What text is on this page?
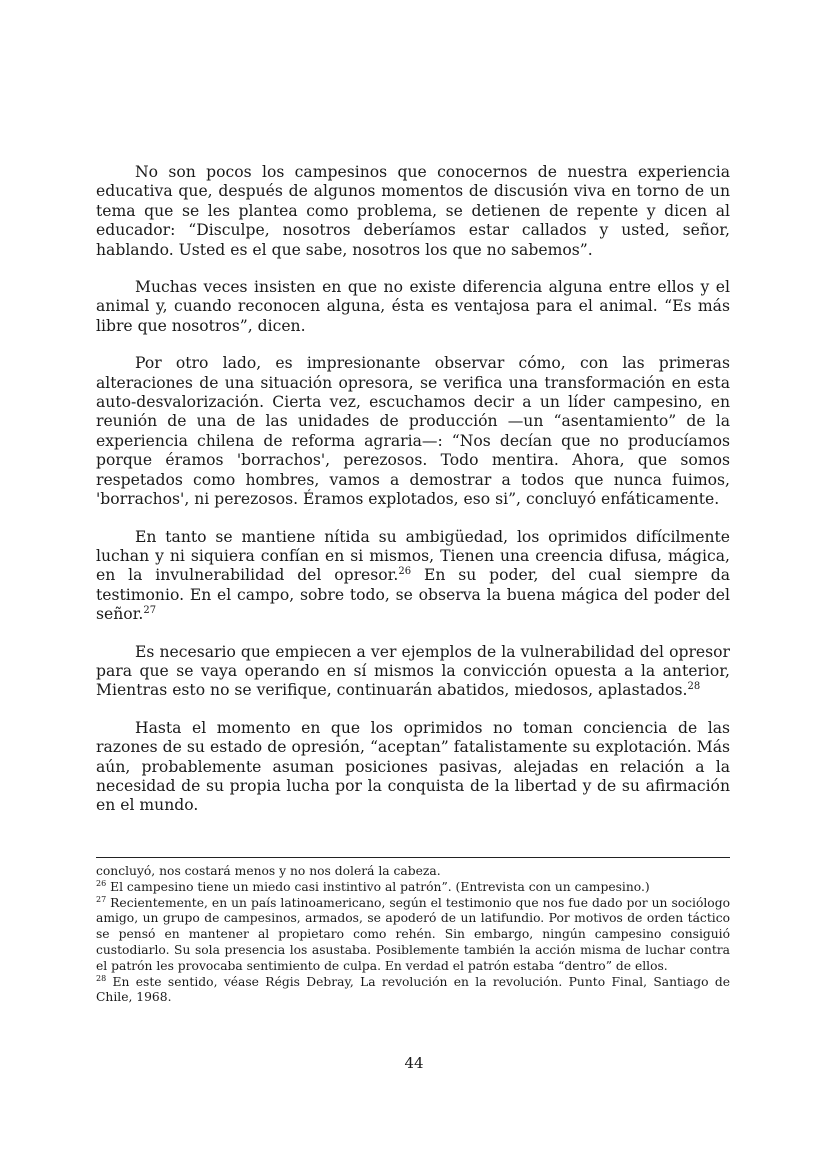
No son pocos los campesinos que conocernos de nuestra experiencia educativa que, después de algunos momentos de discusión viva en torno de un tema que se les plantea como problema, se detienen de repente y dicen al educador: “Disculpe, nosotros deberíamos estar callados y usted, señor, hablando. Usted es el que sabe, nosotros los que no sabemos”.

Muchas veces insisten en que no existe diferencia alguna entre ellos y el animal y, cuando reconocen alguna, ésta es ventajosa para el animal. “Es más libre que nosotros”, dicen.

Por otro lado, es impresionante observar cómo, con las primeras alteraciones de una situación opresora, se verifica una transformación en esta auto-desvalorización. Cierta vez, escuchamos decir a un líder campesino, en reunión de una de las unidades de producción —un “asentamiento” de la experiencia chilena de reforma agraria—: “Nos decían que no producíamos porque éramos 'borrachos', perezosos. Todo mentira. Ahora, que somos respetados como hombres, vamos a demostrar a todos que nunca fuimos, 'borrachos', ni perezosos. Éramos explotados, eso si”, concluyó enfáticamente.

En tanto se mantiene nítida su ambigüedad, los oprimidos difícilmente luchan y ni siquiera confían en si mismos, Tienen una creencia difusa, mágica, en la invulnerabilidad del opresor.$^{26}$ En su poder, del cual siempre da testimonio. En el campo, sobre todo, se observa la buena mágica del poder del señor.$^{27}$

Es necesario que empiecen a ver ejemplos de la vulnerabilidad del opresor para que se vaya operando en sí mismos la convicción opuesta a la anterior, Mientras esto no se verifique, continuarán abatidos, miedosos, aplastados.$^{28}$

Hasta el momento en que los oprimidos no toman conciencia de las razones de su estado de opresión, “aceptan” fatalistamente su explotación. Más aún, probablemente asuman posiciones pasivas, alejadas en relación a la necesidad de su propia lucha por la conquista de la libertad y de su afirmación en el mundo.

concluyó, nos costará menos y no nos dolerá la cabeza.

$^{26}$ El campesino tiene un miedo casi instintivo al patrón”. (Entrevista con un campesino.)

$^{27}$ Recientemente, en un país latinoamericano, según el testimonio que nos fue dado por un sociólogo amigo, un grupo de campesinos, armados, se apoderó de un latifundio. Por motivos de orden táctico se pensó en mantener al propietaro como rehén. Sin embargo, ningún campesino consiguió custodiarlo. Su sola presencia los asustaba. Posiblemente también la acción misma de luchar contra el patrón les provocaba sentimiento de culpa. En verdad el patrón estaba “dentro” de ellos.

$^{28}$ En este sentido, véase Régis Debray, La revolución en la revolución. Punto Final, Santiago de Chile, 1968.

44
